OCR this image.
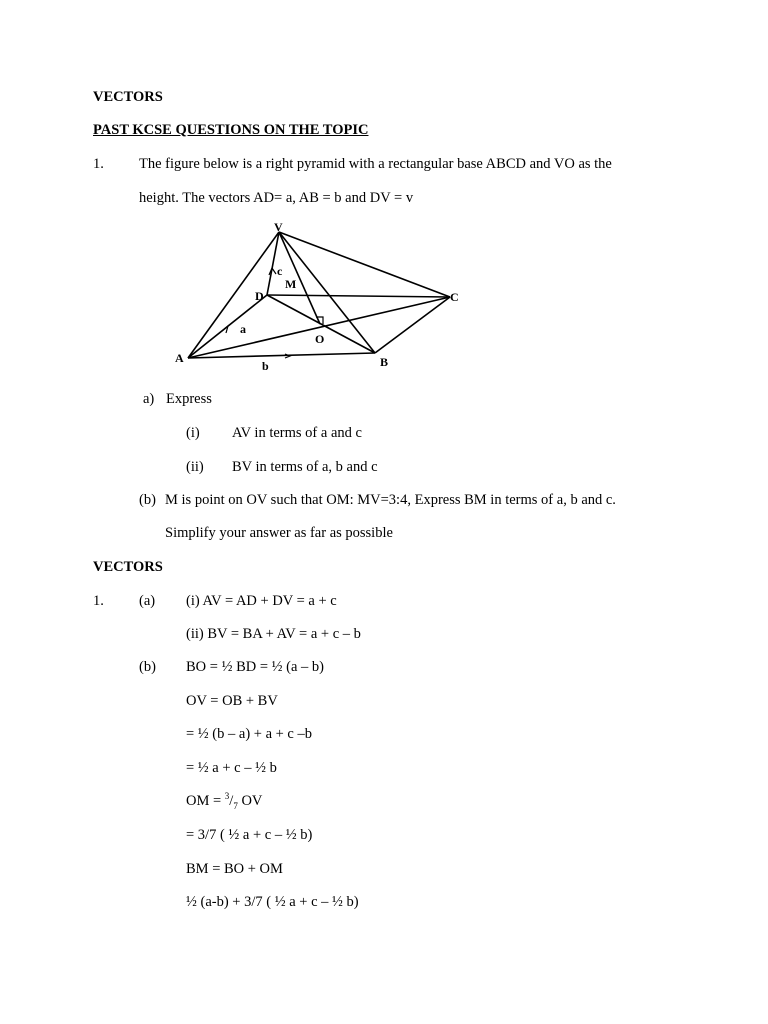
VECTORS
PAST KCSE QUESTIONS ON THE TOPIC
1. The figure below is a right pyramid with a rectangular base ABCD and VO as the
height. The vectors AD= a, AB = b and DV = v
V
C
D
M
c
a
O
A	B
b
a) Express
(i) AV in terms of a and c
(ii) BV in terms of a, b and c
(b) M is point on OV such that OM: MV=3:4, Express BM in terms of a, b and c.
Simplify your answer as far as possible
VECTORS
1. (a) (i) AV = AD + DV = a + c
(ii) BV = BA + AV = a + c – b
(b) BO = ½ BD = ½ (a – b)
OV = OB + BV
= ½ (b – a) + a + c –b
= ½ a + c – ½ b
OM = $^3/_7$ OV
= 3/7 ( ½ a + c – ½ b)
BM = BO + OM
½ (a-b) + 3/7 ( ½ a + c – ½ b)
